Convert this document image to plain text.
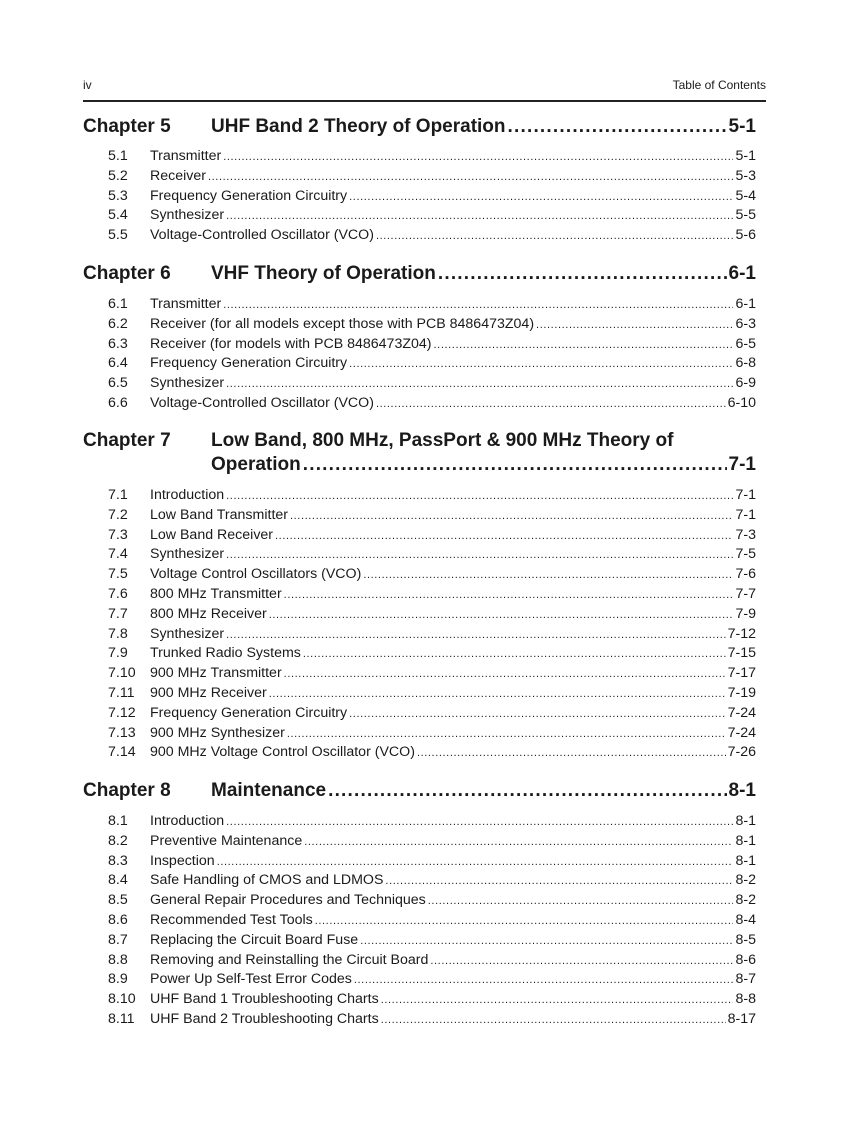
iv	Table of Contents
Chapter 5 UHF Band 2 Theory of Operation .....	5-1
5.1	Transmitter .....	5-1
5.2	Receiver .....	5-3
5.3	Frequency Generation Circuitry .....	5-4
5.4	Synthesizer .....	5-5
5.5	Voltage-Controlled Oscillator (VCO) .....	5-6
Chapter 6 VHF Theory of Operation .....	6-1
6.1	Transmitter .....	6-1
6.2	Receiver (for all models except those with PCB 8486473Z04) .....	6-3
6.3	Receiver (for models with PCB 8486473Z04) .....	6-5
6.4	Frequency Generation Circuitry .....	6-8
6.5	Synthesizer .....	6-9
6.6	Voltage-Controlled Oscillator (VCO) .....	6-10
Chapter 7 Low Band, 800 MHz, PassPort & 900 MHz Theory of
Operation .....	7-1
7.1	Introduction .....	7-1
7.2	Low Band Transmitter .....	7-1
7.3	Low Band Receiver .....	7-3
7.4	Synthesizer .....	7-5
7.5	Voltage Control Oscillators (VCO) .....	7-6
7.6	800 MHz Transmitter .....	7-7
7.7	800 MHz Receiver .....	7-9
7.8	Synthesizer .....	7-12
7.9	Trunked Radio Systems .....	7-15
7.10	900 MHz Transmitter .....	7-17
7.11	900 MHz Receiver .....	7-19
7.12	Frequency Generation Circuitry .....	7-24
7.13	900 MHz Synthesizer .....	7-24
7.14	900 MHz Voltage Control Oscillator (VCO) .....	7-26
Chapter 8 Maintenance .....	8-1
8.1	Introduction .....	8-1
8.2	Preventive Maintenance .....	8-1
8.3	Inspection .....	8-1
8.4	Safe Handling of CMOS and LDMOS .....	8-2
8.5	General Repair Procedures and Techniques .....	8-2
8.6	Recommended Test Tools .....	8-4
8.7	Replacing the Circuit Board Fuse .....	8-5
8.8	Removing and Reinstalling the Circuit Board .....	8-6
8.9	Power Up Self-Test Error Codes .....	8-7
8.10	UHF Band 1 Troubleshooting Charts .....	8-8
8.11	UHF Band 2 Troubleshooting Charts .....	8-17
